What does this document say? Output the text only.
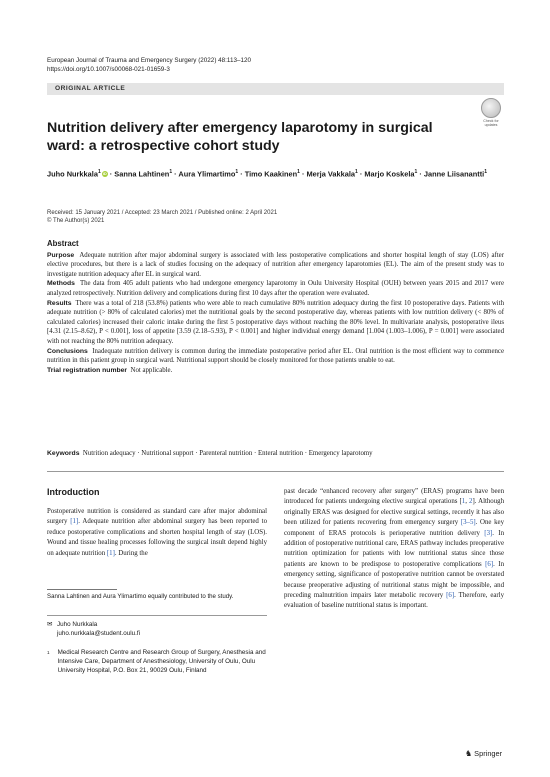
European Journal of Trauma and Emergency Surgery (2022) 48:113–120
https://doi.org/10.1007/s00068-021-01659-3
ORIGINAL ARTICLE
Check for
updates
Nutrition delivery after emergency laparotomy in surgical ward: a retrospective cohort study
Juho Nurkkala$^1$ iD · Sanna Lahtinen$^1$ · Aura Ylimartimo$^1$ · Timo Kaakinen$^1$ · Merja Vakkala$^1$ · Marjo Koskela$^1$ · Janne Liisanantti$^1$
Received: 15 January 2021 / Accepted: 23 March 2021 / Published online: 2 April 2021
© The Author(s) 2021
Abstract

Purpose Adequate nutrition after major abdominal surgery is associated with less postoperative complications and shorter hospital length of stay (LOS) after elective procedures, but there is a lack of studies focusing on the adequacy of nutrition after emergency laparotomies (EL). The aim of the present study was to investigate nutrition adequacy after EL in surgical ward.

Methods The data from 405 adult patients who had undergone emergency laparotomy in Oulu University Hospital (OUH) between years 2015 and 2017 were analyzed retrospectively. Nutrition delivery and complications during first 10 days after the operation were evaluated.

Results There was a total of 218 (53.8%) patients who were able to reach cumulative 80% nutrition adequacy during the first 10 postoperative days. Patients with adequate nutrition (> 80% of calculated calories) met the nutritional goals by the second postoperative day, whereas patients with low nutrition delivery (< 80% of calculated calories) increased their caloric intake during the first 5 postoperative days without reaching the 80% level. In multivariate analysis, postoperative ileus [4.31 (2.15–8.62), P < 0.001], loss of appetite [3.59 (2.18–5.93), P < 0.001] and higher individual energy demand [1.004 (1.003–1.006), P = 0.001] were associated with not reaching the 80% nutrition adequacy.

Conclusions Inadequate nutrition delivery is common during the immediate postoperative period after EL. Oral nutrition is the most efficient way to commence nutrition in this patient group in surgical ward. Nutritional support should be closely monitored for those patients unable to eat.

Trial registration number Not applicable.

Keywords Nutrition adequacy · Nutritional support · Parenteral nutrition · Enteral nutrition · Emergency laparotomy
Introduction

Postoperative nutrition is considered as standard care after major abdominal surgery [1]. Adequate nutrition after abdominal surgery has been reported to reduce postoperative complications and shorten hospital length of stay (LOS). Wound and tissue healing processes following the surgical insult depend highly on adequate nutrition [1]. During the

past decade “enhanced recovery after surgery” (ERAS) programs have been introduced for patients undergoing elective surgical operations [1, 2]. Although originally ERAS was designed for elective surgical settings, recently it has also been utilized for patients recovering from emergency surgery [3–5]. One key component of ERAS protocols is perioperative nutrition delivery [3]. In addition of postoperative nutritional care, ERAS pathway includes preoperative nutrition optimization for patients with low nutritional status since those patients are known to be predispose to postoperative complications [6]. In emergency setting, significance of postoperative nutrition cannot be overstated because preoperative adjusting of nutritional status might be impossible, and preceding malnutrition impairs later metabolic recovery [6]. Therefore, early evaluation of baseline nutritional status is important.

Sanna Lahtinen and Aura Ylimartimo equally contributed to the study.
✉ Juho Nurkkala
juho.nurkkala@student.oulu.fi
1	Medical Research Centre and Research Group of Surgery, Anesthesia and Intensive Care, Department of Anesthesiology, University of Oulu, Oulu University Hospital, P.O. Box 21, 90029 Oulu, Finland
♞ Springer
